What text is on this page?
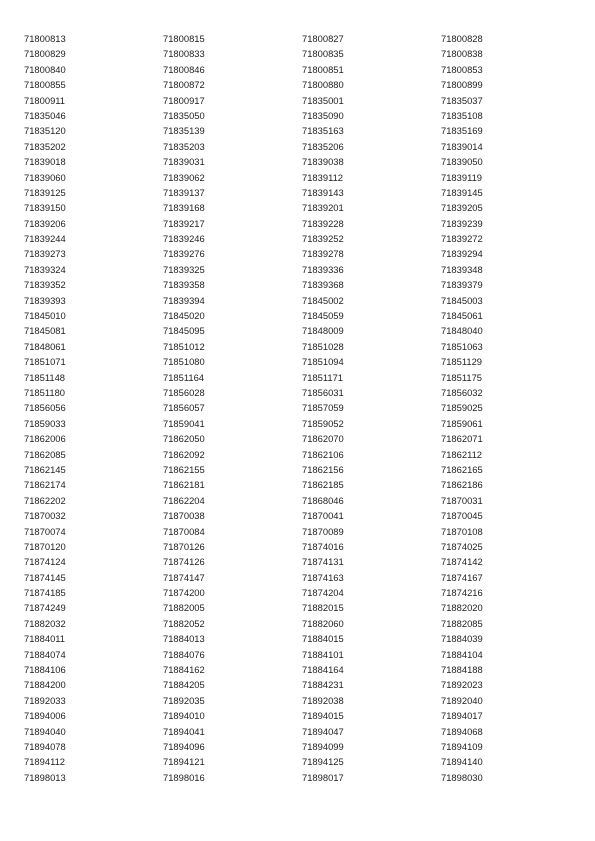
71800813	71800815	71800827	71800828
71800829	71800833	71800835	71800838
71800840	71800846	71800851	71800853
71800855	71800872	71800880	71800899
71800911	71800917	71835001	71835037
71835046	71835050	71835090	71835108
71835120	71835139	71835163	71835169
71835202	71835203	71835206	71839014
71839018	71839031	71839038	71839050
71839060	71839062	71839112	71839119
71839125	71839137	71839143	71839145
71839150	71839168	71839201	71839205
71839206	71839217	71839228	71839239
71839244	71839246	71839252	71839272
71839273	71839276	71839278	71839294
71839324	71839325	71839336	71839348
71839352	71839358	71839368	71839379
71839393	71839394	71845002	71845003
71845010	71845020	71845059	71845061
71845081	71845095	71848009	71848040
71848061	71851012	71851028	71851063
71851071	71851080	71851094	71851129
71851148	71851164	71851171	71851175
71851180	71856028	71856031	71856032
71856056	71856057	71857059	71859025
71859033	71859041	71859052	71859061
71862006	71862050	71862070	71862071
71862085	71862092	71862106	71862112
71862145	71862155	71862156	71862165
71862174	71862181	71862185	71862186
71862202	71862204	71868046	71870031
71870032	71870038	71870041	71870045
71870074	71870084	71870089	71870108
71870120	71870126	71874016	71874025
71874124	71874126	71874131	71874142
71874145	71874147	71874163	71874167
71874185	71874200	71874204	71874216
71874249	71882005	71882015	71882020
71882032	71882052	71882060	71882085
71884011	71884013	71884015	71884039
71884074	71884076	71884101	71884104
71884106	71884162	71884164	71884188
71884200	71884205	71884231	71892023
71892033	71892035	71892038	71892040
71894006	71894010	71894015	71894017
71894040	71894041	71894047	71894068
71894078	71894096	71894099	71894109
71894112	71894121	71894125	71894140
71898013	71898016	71898017	71898030
